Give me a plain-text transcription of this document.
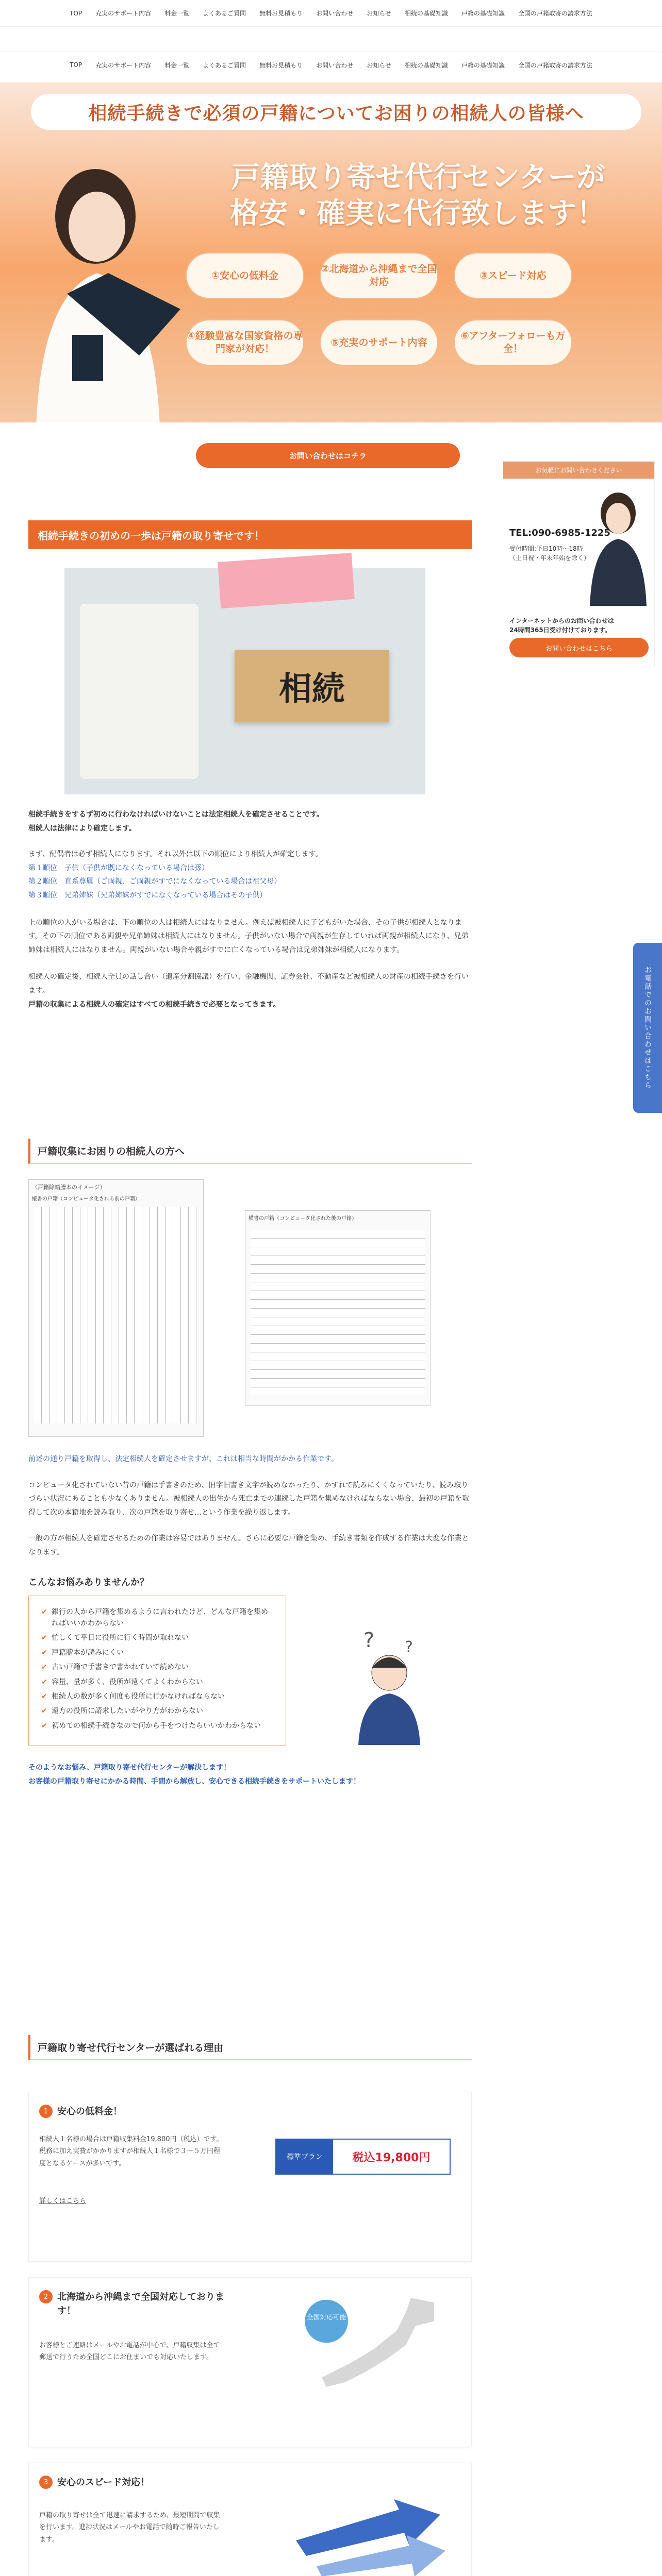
TOP 充実のサポート内容 料金一覧 よくあるご質問 無料お見積もり お問い合わせ お知らせ 相続の基礎知識 戸籍の基礎知識 全国の戸籍取寄の請求方法
TOP 充実のサポート内容 料金一覧 よくあるご質問 無料お見積もり お問い合わせ お知らせ 相続の基礎知識 戸籍の基礎知識 全国の戸籍取寄の請求方法
相続手続きで必須の戸籍についてお困りの相続人の皆様へ
戸籍取り寄せ代行センターが
格安・確実に代行致します！
①安心の低料金
②北海道から沖縄まで全国対応
③スピード対応
④経験豊富な国家資格の専門家が対応！
⑤充実のサポート内容
⑥アフターフォローも万全！
お問い合わせはコチラ
お気軽にお問い合わせください
TEL:090-6985-1225
受付時間:平日10時～18時
（土日祝・年末年始を除く）
インターネットからのお問い合わせは
24時間365日受け付けております。
お問い合わせはこちら
お電話でのお問い合わせはこちら
相続手続きの初めの一歩は戸籍の取り寄せです！
相続
相続手続きをするず初めに行わなければいけないことは法定相続人を確定させることです。
相続人は法律により確定します。
まず、配偶者は必ず相続人になります。それ以外は以下の順位により相続人が確定します。
第１順位　子供（子供が既になくなっている場合は孫）
第２順位　直系尊属（ご両親、ご両親がすでになくなっている場合は祖父母）
第３順位　兄弟姉妹（兄弟姉妹がすでになくなっている場合はその子供）
上の順位の人がいる場合は、下の順位の人は相続人にはなりません。例えば被相続人に子どもがいた場合、その子供が相続人となります。その下の順位である両親や兄弟姉妹は相続人にはなりません。子供がいない場合で両親が生存していれば両親が相続人になり、兄弟姉妹は相続人にはなりません。両親がいない場合や親がすでに亡くなっている場合は兄弟姉妹が相続人になります。
相続人の確定後、相続人全員の話し合い（遺産分割協議）を行い、金融機関、証券会社、不動産など被相続人の財産の相続手続きを行います。
戸籍の収集による相続人の確定はすべての相続手続きで必要となってきます。
戸籍収集にお困りの相続人の方へ
（戸籍除籍謄本のイメージ）
縦書の戸籍（コンピュータ化される前の戸籍）
横書の戸籍（コンピュータ化された後の戸籍）
前述の通り戸籍を取得し、法定相続人を確定させますが、これは相当な時間がかかる作業です。
コンピュータ化されていない昔の戸籍は手書きのため、旧字旧書き文字が読めなかったり、かすれて読みにくくなっていたり、読み取りづらい状況にあることも少なくありません。被相続人の出生から死亡までの連続した戸籍を集めなければならない場合、最初の戸籍を取得して次の本籍地を読み取り、次の戸籍を取り寄せ…という作業を繰り返します。
一般の方が相続人を確定させるための作業は容易ではありません。さらに必要な戸籍を集め、手続き書類を作成する作業は大変な作業となります。
こんなお悩みありませんか？
✔ 銀行の人から戸籍を集めるように言われたけど、どんな戸籍を集めればいいかわからない
✔ 忙しくて平日に役所に行く時間が取れない
✔ 戸籍謄本が読みにくい
✔ 古い戸籍で手書きで書かれていて読めない
✔ 容量、量が多く、役所が遠くてよくわからない
✔ 相続人の数が多く何度も役所に行かなければならない
✔ 遠方の役所に請求したいがやり方がわからない
✔ 初めての相続手続きなので何から手をつけたらいいかわからない
? ?
そのようなお悩み、戸籍取り寄せ代行センターが解決します！
お客様の戸籍取り寄せにかかる時間、手間から解放し、安心できる相続手続きをサポートいたします！
戸籍取り寄せ代行センターが選ばれる理由
1 安心の低料金！
相続人１名様の場合は戸籍収集料金19,800円（税込）です。税務に加え実費がかかりますが相続人１名様で３～５万円程度となるケースが多いです。
詳しくはこちら
標準プラン	税込19,800円
2 北海道から沖縄まで全国対応しております！
お客様とご連絡はメールやお電話が中心で、戸籍収集は全て郵送で行うため全国どこにお住まいでも対応いたします。
全国対応可能
3 安心のスピード対応！
戸籍の取り寄せは全て迅速に請求するため、最短期間で収集を行います。進捗状況はメールやお電話で随時ご報告いたします。
